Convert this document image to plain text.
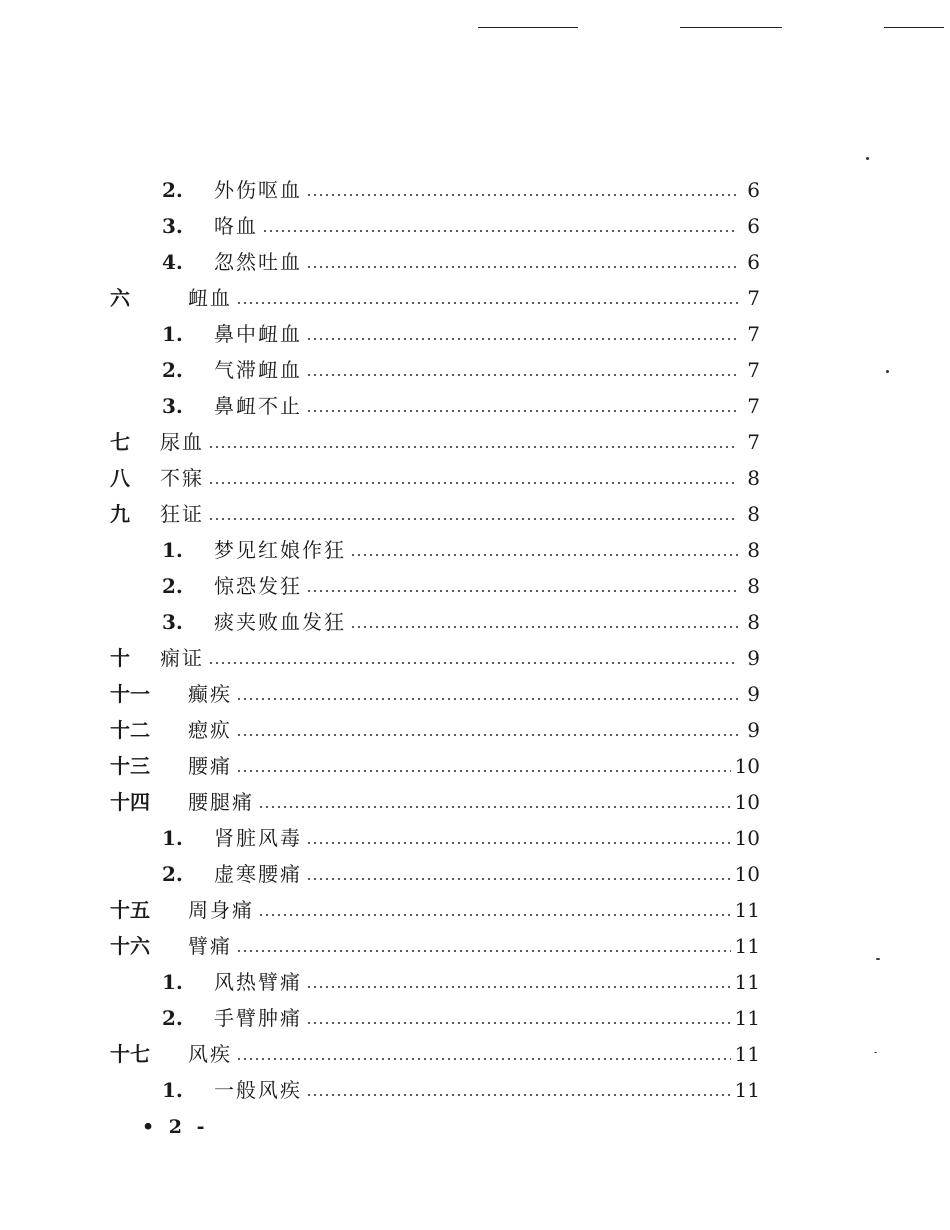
2.	外伤呕血	6
3.	咯血	6
4.	忽然吐血	6
六	衄血	7
1.	鼻中衄血	7
2.	气滞衄血	7
3.	鼻衄不止	7
七	尿血	7
八	不寐	8
九	狂证	8
1.	梦见红娘作狂	8
2.	惊恐发狂	8
3.	痰夹败血发狂	8
十	痫证	9
十一	癫疾	9
十二	瘛疭	9
十三	腰痛	10
十四	腰腿痛	10
1.	肾脏风毒	10
2.	虚寒腰痛	10
十五	周身痛	11
十六	臂痛	11
1.	风热臂痛	11
2.	手臂肿痛	11
十七	风疾	11
1.	一般风疾	11
• 2 -
